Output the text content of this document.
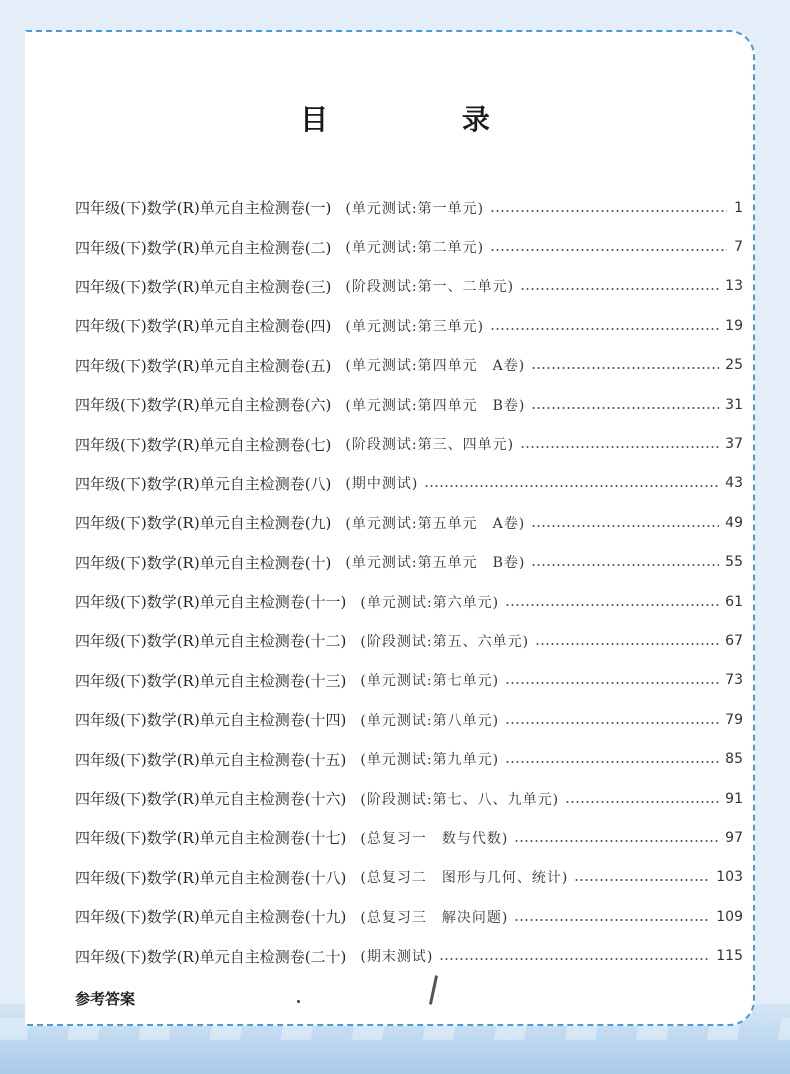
目 录
四年级(下)数学(R)单元自主检测卷(一) (单元测试:第一单元)	1
四年级(下)数学(R)单元自主检测卷(二) (单元测试:第二单元)	7
四年级(下)数学(R)单元自主检测卷(三) (阶段测试:第一、二单元)	13
四年级(下)数学(R)单元自主检测卷(四) (单元测试:第三单元)	19
四年级(下)数学(R)单元自主检测卷(五) (单元测试:第四单元　A卷)	25
四年级(下)数学(R)单元自主检测卷(六) (单元测试:第四单元　B卷)	31
四年级(下)数学(R)单元自主检测卷(七) (阶段测试:第三、四单元)	37
四年级(下)数学(R)单元自主检测卷(八) (期中测试)	43
四年级(下)数学(R)单元自主检测卷(九) (单元测试:第五单元　A卷)	49
四年级(下)数学(R)单元自主检测卷(十) (单元测试:第五单元　B卷)	55
四年级(下)数学(R)单元自主检测卷(十一) (单元测试:第六单元)	61
四年级(下)数学(R)单元自主检测卷(十二) (阶段测试:第五、六单元)	67
四年级(下)数学(R)单元自主检测卷(十三) (单元测试:第七单元)	73
四年级(下)数学(R)单元自主检测卷(十四) (单元测试:第八单元)	79
四年级(下)数学(R)单元自主检测卷(十五) (单元测试:第九单元)	85
四年级(下)数学(R)单元自主检测卷(十六) (阶段测试:第七、八、九单元)	91
四年级(下)数学(R)单元自主检测卷(十七) (总复习一　数与代数)	97
四年级(下)数学(R)单元自主检测卷(十八) (总复习二　图形与几何、统计)	103
四年级(下)数学(R)单元自主检测卷(十九) (总复习三　解决问题)	109
四年级(下)数学(R)单元自主检测卷(二十) (期末测试)	115
参考答案
